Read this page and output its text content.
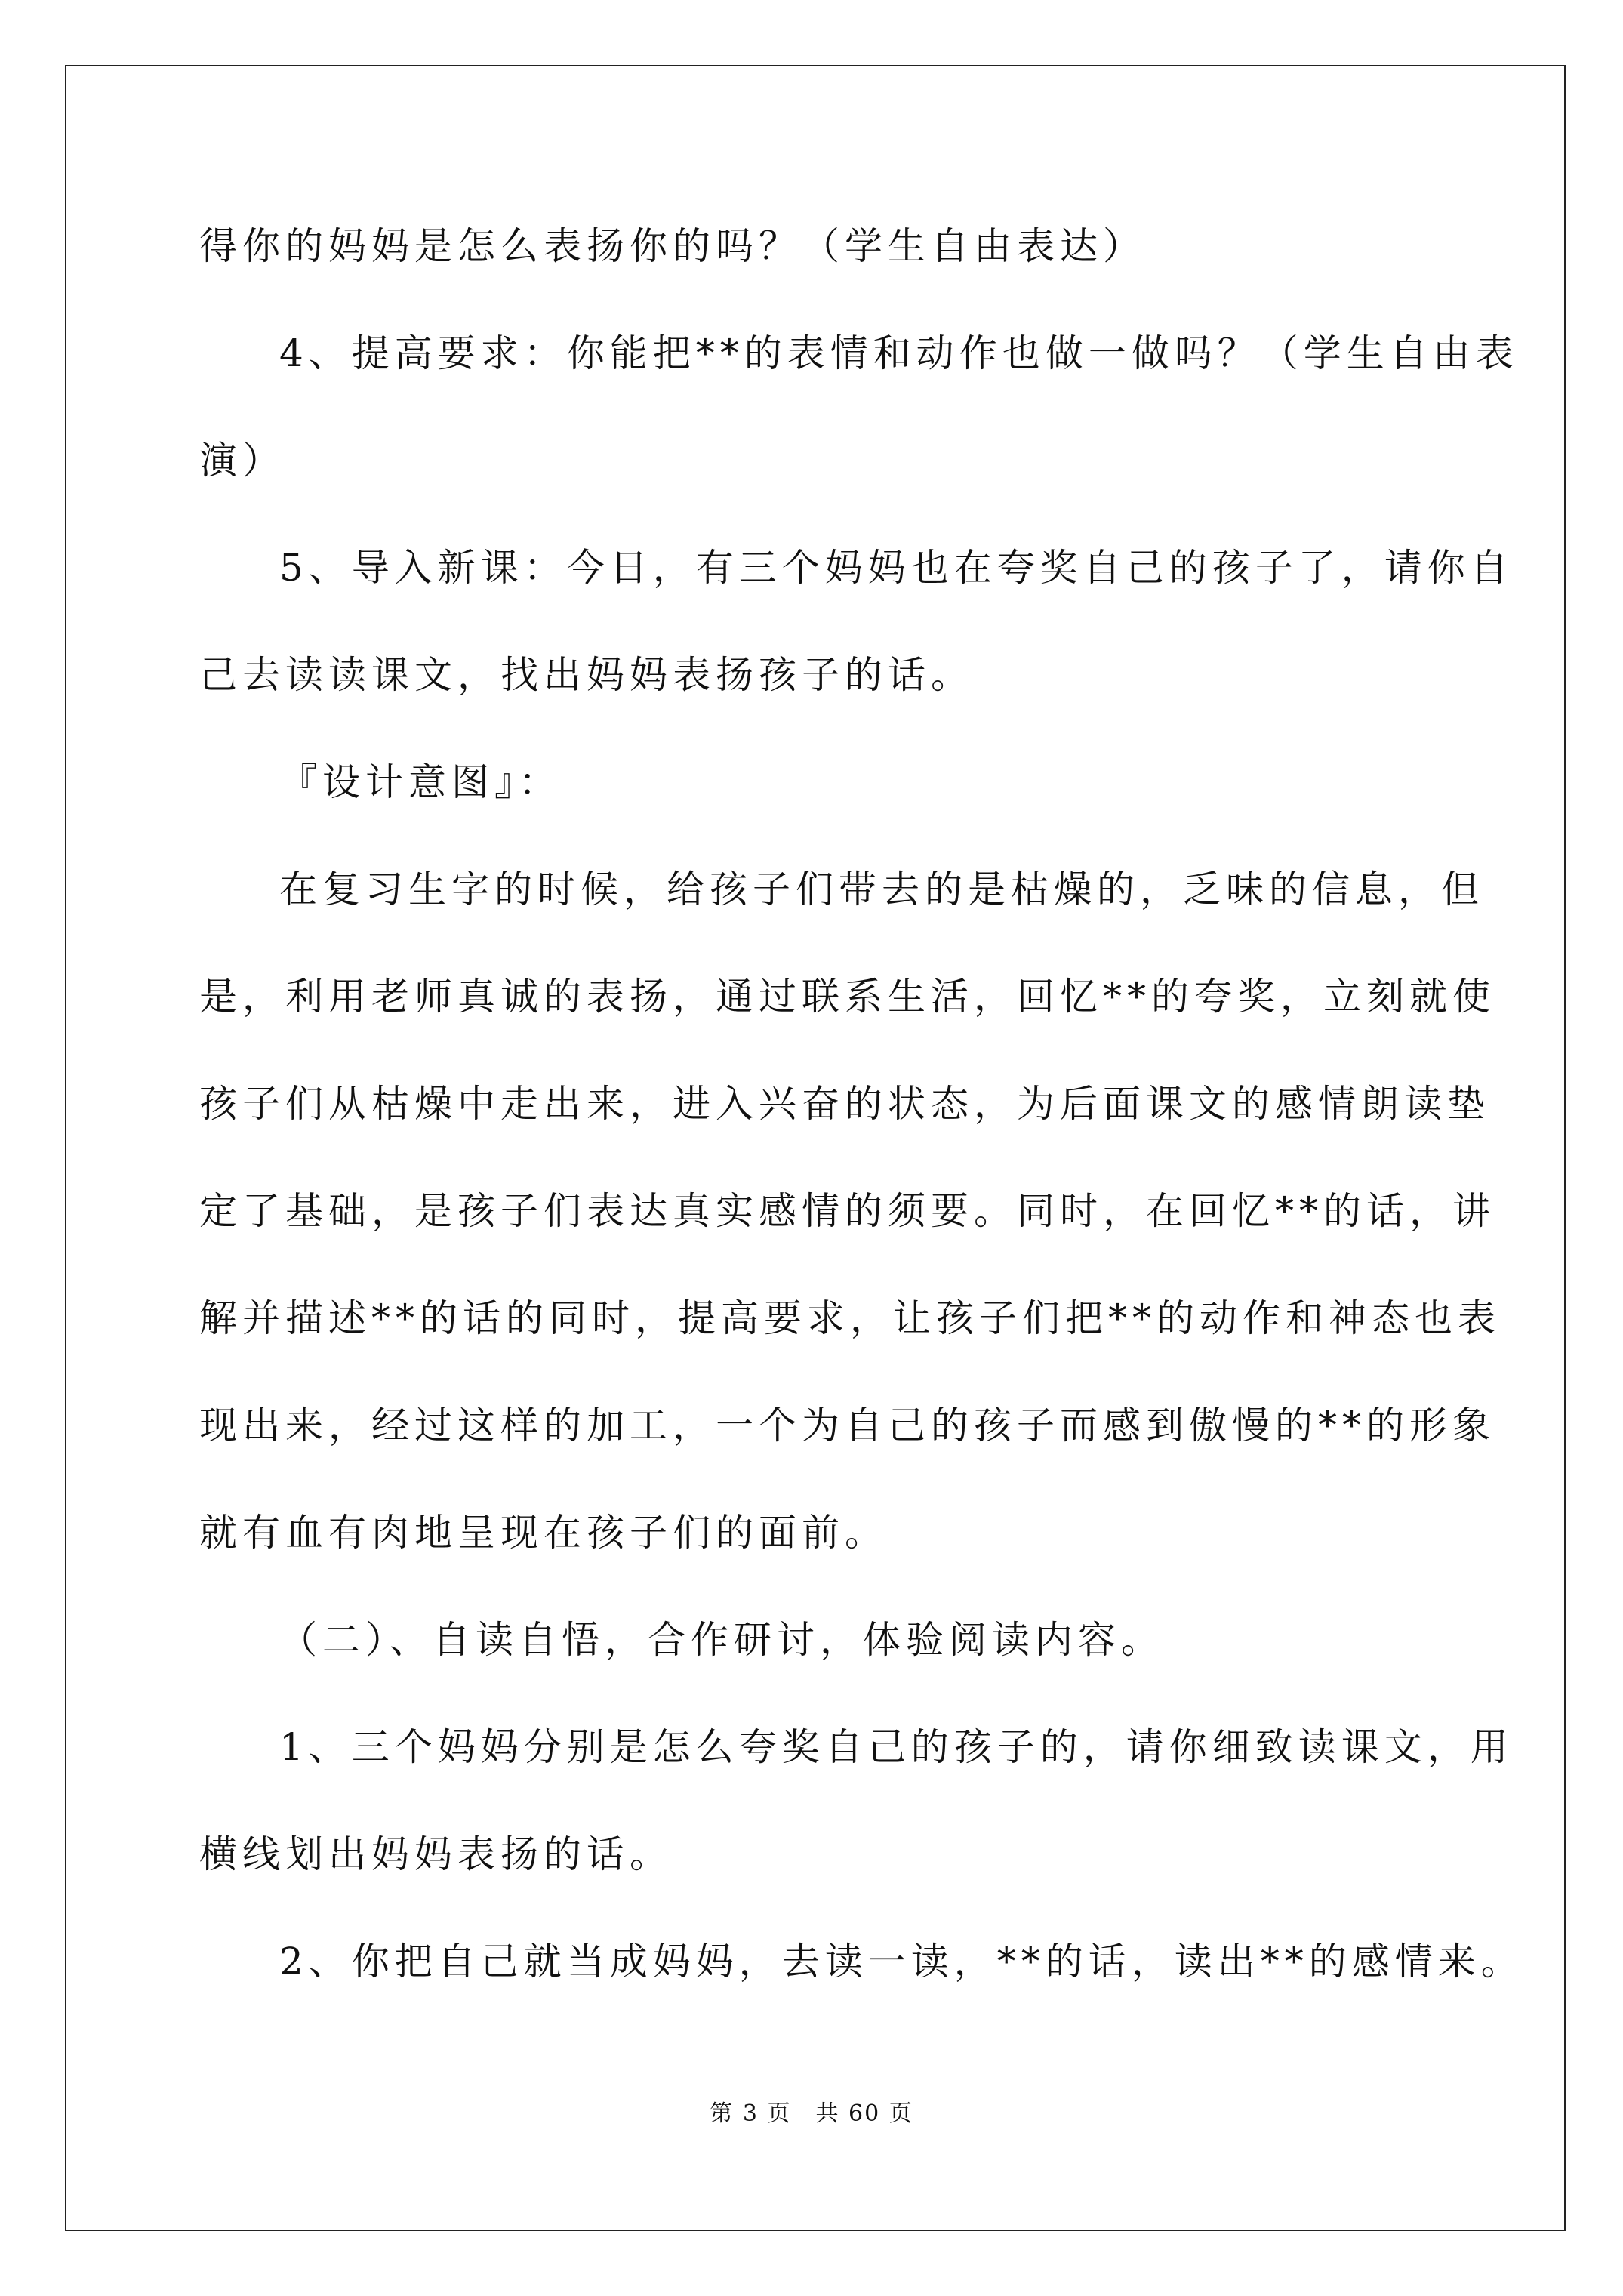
得你的妈妈是怎么表扬你的吗？（学生自由表达）
4、提高要求：你能把**的表情和动作也做一做吗？（学生自由表
演）
5、导入新课：今日，有三个妈妈也在夸奖自己的孩子了，请你自
己去读读课文，找出妈妈表扬孩子的话。
『设计意图』：
在复习生字的时候，给孩子们带去的是枯燥的，乏味的信息，但
是，利用老师真诚的表扬，通过联系生活，回忆**的夸奖，立刻就使
孩子们从枯燥中走出来，进入兴奋的状态，为后面课文的感情朗读垫
定了基础，是孩子们表达真实感情的须要。同时，在回忆**的话，讲
解并描述**的话的同时，提高要求，让孩子们把**的动作和神态也表
现出来，经过这样的加工，一个为自己的孩子而感到傲慢的**的形象
就有血有肉地呈现在孩子们的面前。
（二）、自读自悟，合作研讨，体验阅读内容。
1、三个妈妈分别是怎么夸奖自己的孩子的，请你细致读课文，用
横线划出妈妈表扬的话。
2、你把自己就当成妈妈，去读一读，**的话，读出**的感情来。
第 3 页　共 60 页
